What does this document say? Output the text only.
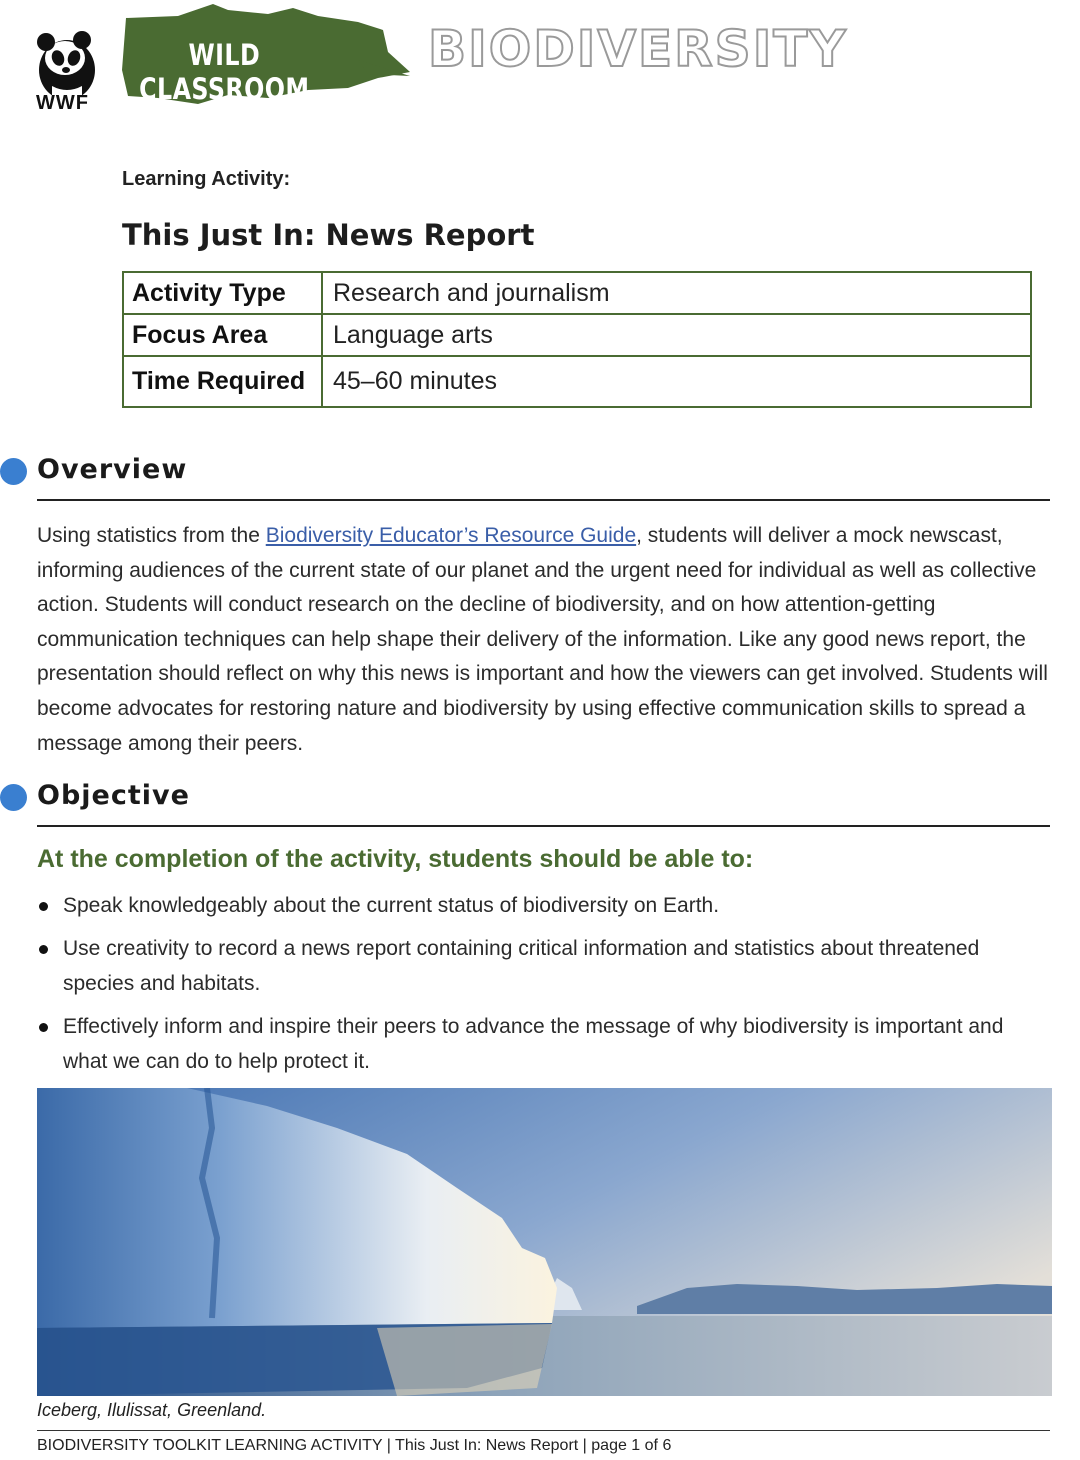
WWF
WILD CLASSROOM
BIODIVERSITY
Learning Activity:
This Just In: News Report
Activity Type	Research and journalism
Focus Area	Language arts
Time Required	45–60 minutes
Overview
Using statistics from the Biodiversity Educator’s Resource Guide, students will deliver a mock newscast, informing audiences of the current state of our planet and the urgent need for individual as well as collective action. Students will conduct research on the decline of biodiversity, and on how attention-getting communication techniques can help shape their delivery of the information. Like any good news report, the presentation should reflect on why this news is important and how the viewers can get involved. Students will become advocates for restoring nature and biodiversity by using effective communication skills to spread a message among their peers.
Objective
At the completion of the activity, students should be able to:
Speak knowledgeably about the current status of biodiversity on Earth.
Use creativity to record a news report containing critical information and statistics about threatened species and habitats.
Effectively inform and inspire their peers to advance the message of why biodiversity is important and what we can do to help protect it.
Iceberg, Ilulissat, Greenland.
BIODIVERSITY TOOLKIT LEARNING ACTIVITY | This Just In: News Report | page 1 of 6
